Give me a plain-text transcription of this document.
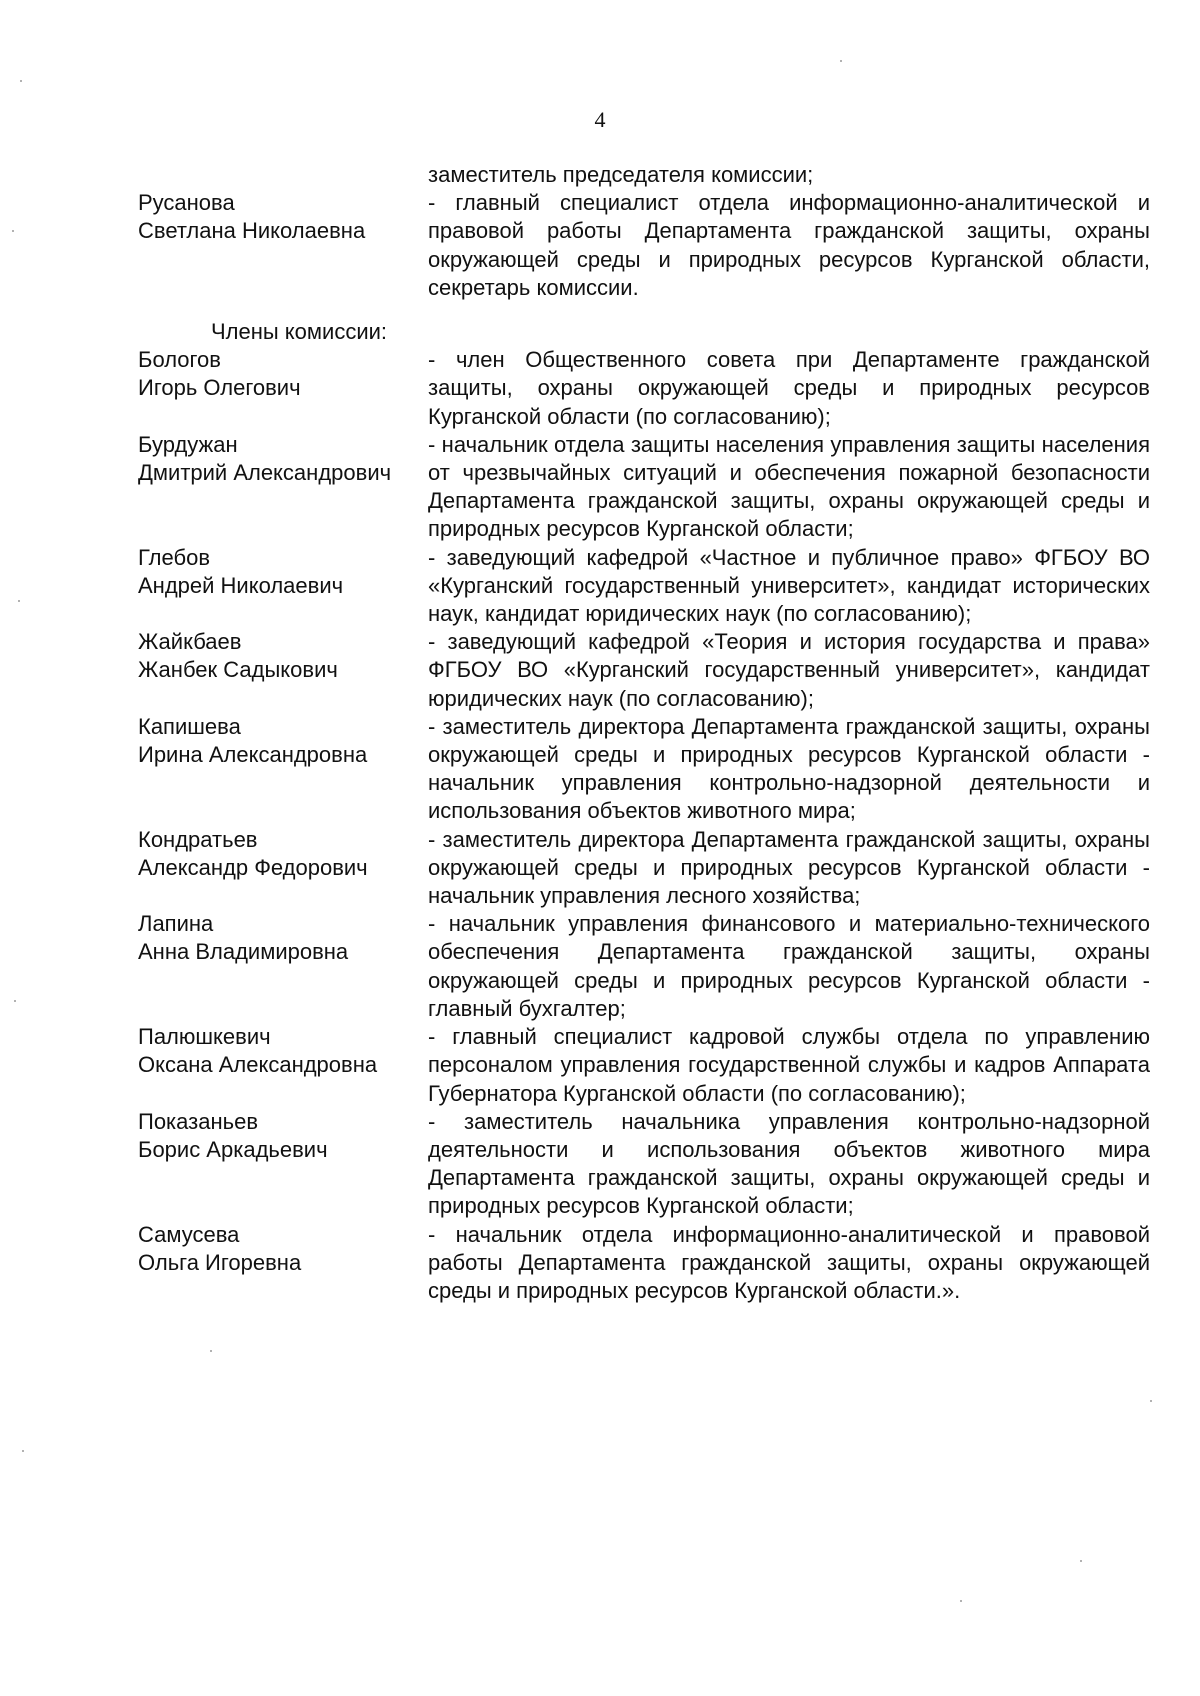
4
заместитель председателя комиссии;
Русанова
Светлана Николаевна
- главный специалист отдела информационно-аналитической и правовой работы Департамента гражданской защиты, охраны окружающей среды и природных ресурсов Курганской области, секретарь комиссии.
Члены комиссии:
Бологов
Игорь Олегович
- член Общественного совета при Департаменте гражданской защиты, охраны окружающей среды и природных ресурсов Курганской области (по согласованию);
Бурдужан
Дмитрий Александрович
- начальник отдела защиты населения управления защиты населения от чрезвычайных ситуаций и обеспечения пожарной безопасности Департамента гражданской защиты, охраны окружающей среды и природных ресурсов Курганской области;
Глебов
Андрей Николаевич
- заведующий кафедрой «Частное и публичное право» ФГБОУ ВО «Курганский государственный университет», кандидат исторических наук, кандидат юридических наук (по согласованию);
Жайкбаев
Жанбек Садыкович
- заведующий кафедрой «Теория и история государства и права» ФГБОУ ВО «Курганский государственный университет», кандидат юридических наук (по согласованию);
Капишева
Ирина Александровна
- заместитель директора Департамента гражданской защиты, охраны окружающей среды и природных ресурсов Курганской области - начальник управления контрольно-надзорной деятельности и использования объектов животного мира;
Кондратьев
Александр Федорович
- заместитель директора Департамента гражданской защиты, охраны окружающей среды и природных ресурсов Курганской области - начальник управления лесного хозяйства;
Лапина
Анна Владимировна
- начальник управления финансового и материально-технического обеспечения Департамента гражданской защиты, охраны окружающей среды и природных ресурсов Курганской области - главный бухгалтер;
Палюшкевич
Оксана Александровна
- главный специалист кадровой службы отдела по управлению персоналом управления государственной службы и кадров Аппарата Губернатора Курганской области (по согласованию);
Показаньев
Борис Аркадьевич
- заместитель начальника управления контрольно-надзорной деятельности и использования объектов животного мира Департамента гражданской защиты, охраны окружающей среды и природных ресурсов Курганской области;
Самусева
Ольга Игоревна
- начальник отдела информационно-аналитической и правовой работы Департамента гражданской защиты, охраны окружающей среды и природных ресурсов Курганской области.».
